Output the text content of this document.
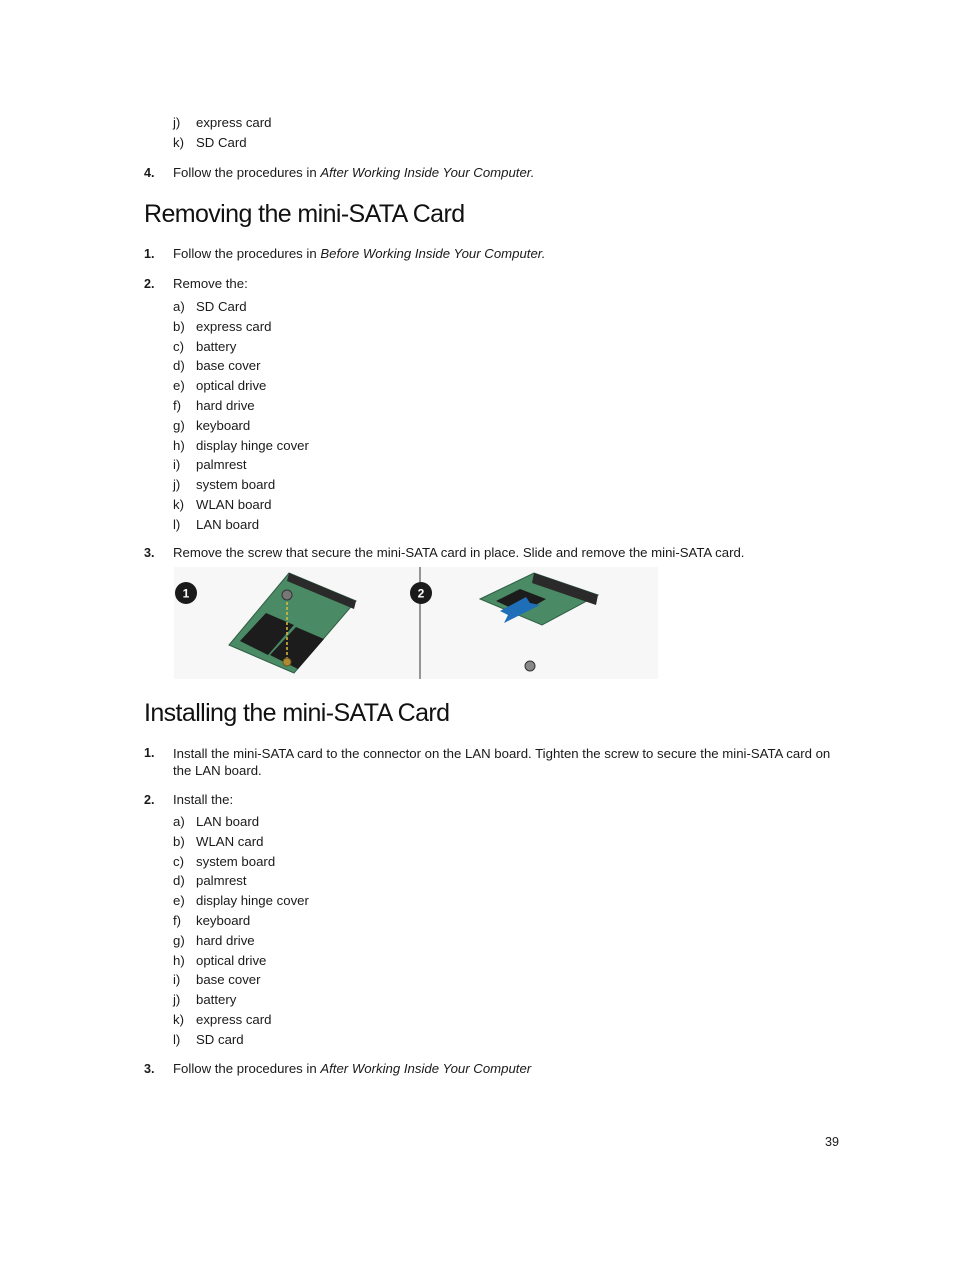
j) express card
k) SD Card
4. Follow the procedures in After Working Inside Your Computer.
Removing the mini-SATA Card
1. Follow the procedures in Before Working Inside Your Computer.
2. Remove the:
a) SD Card
b) express card
c) battery
d) base cover
e) optical drive
f) hard drive
g) keyboard
h) display hinge cover
i) palmrest
j) system board
k) WLAN board
l) LAN board
3. Remove the screw that secure the mini-SATA card in place. Slide and remove the mini-SATA card.
1	2
Installing the mini-SATA Card
1. Install the mini-SATA card to the connector on the LAN board. Tighten the screw to secure the mini-SATA card on the LAN board.
2. Install the:
a) LAN board
b) WLAN card
c) system board
d) palmrest
e) display hinge cover
f) keyboard
g) hard drive
h) optical drive
i) base cover
j) battery
k) express card
l) SD card
3. Follow the procedures in After Working Inside Your Computer
39
